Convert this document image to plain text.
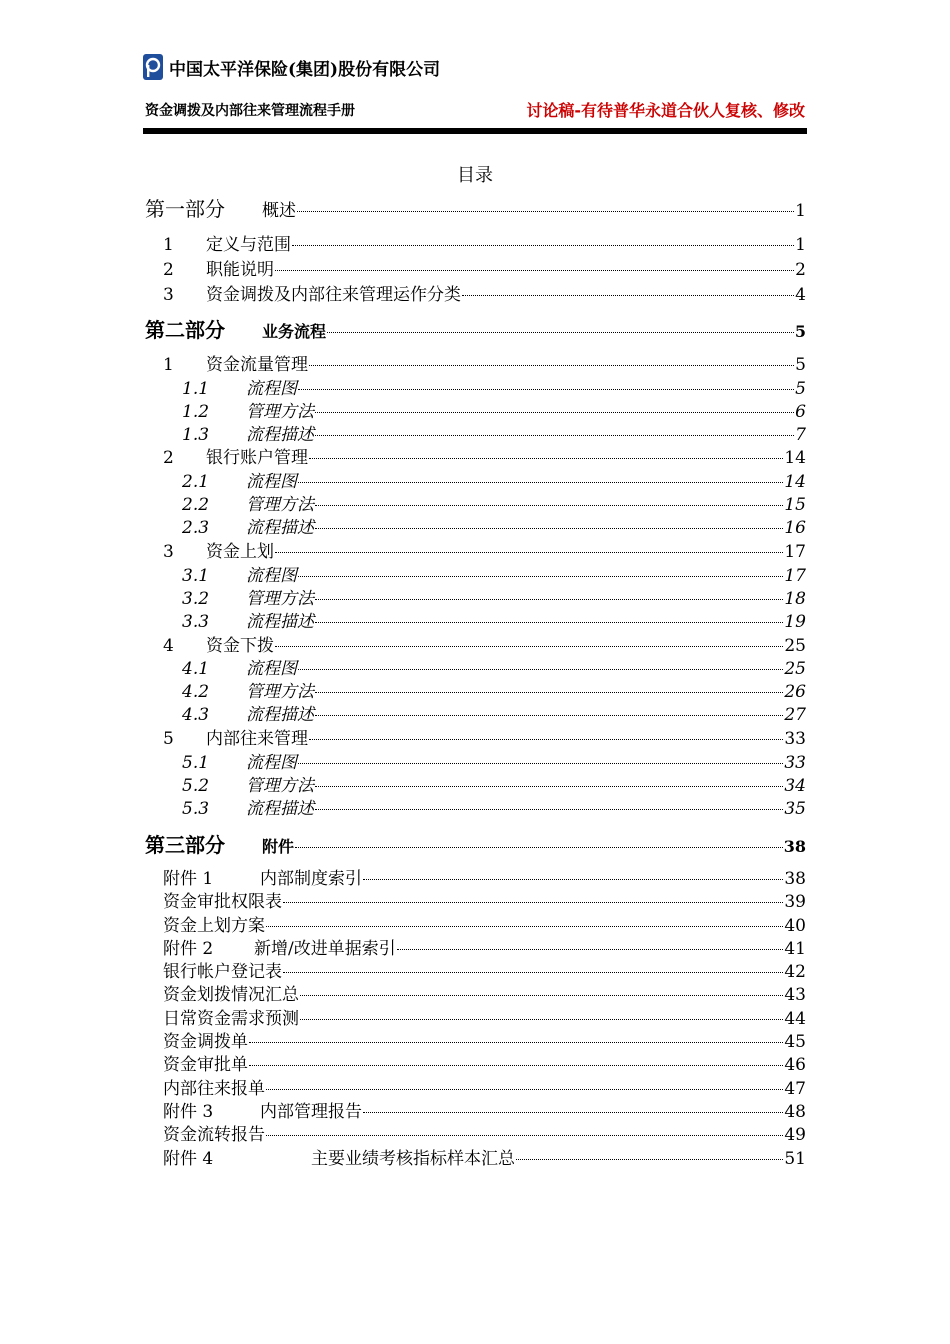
中国太平洋保险(集团)股份有限公司
资金调拨及内部往来管理流程手册	讨论稿-有待普华永道合伙人复核、修改
目录
第一部分	概述	1
1	定义与范围	1
2	职能说明	2
3	资金调拨及内部往来管理运作分类	4
第二部分	业务流程	5
1	资金流量管理	5
1.1	流程图	5
1.2	管理方法	6
1.3	流程描述	7
2	银行账户管理	14
2.1	流程图	14
2.2	管理方法	15
2.3	流程描述	16
3	资金上划	17
3.1	流程图	17
3.2	管理方法	18
3.3	流程描述	19
4	资金下拨	25
4.1	流程图	25
4.2	管理方法	26
4.3	流程描述	27
5	内部往来管理	33
5.1	流程图	33
5.2	管理方法	34
5.3	流程描述	35
第三部分	附件	38
附件 1	内部制度索引	38
资金审批权限表	39
资金上划方案	40
附件 2	新增/改进单据索引	41
银行帐户登记表	42
资金划拨情况汇总	43
日常资金需求预测	44
资金调拨单	45
资金审批单	46
内部往来报单	47
附件 3	内部管理报告	48
资金流转报告	49
附件 4	主要业绩考核指标样本汇总	51
